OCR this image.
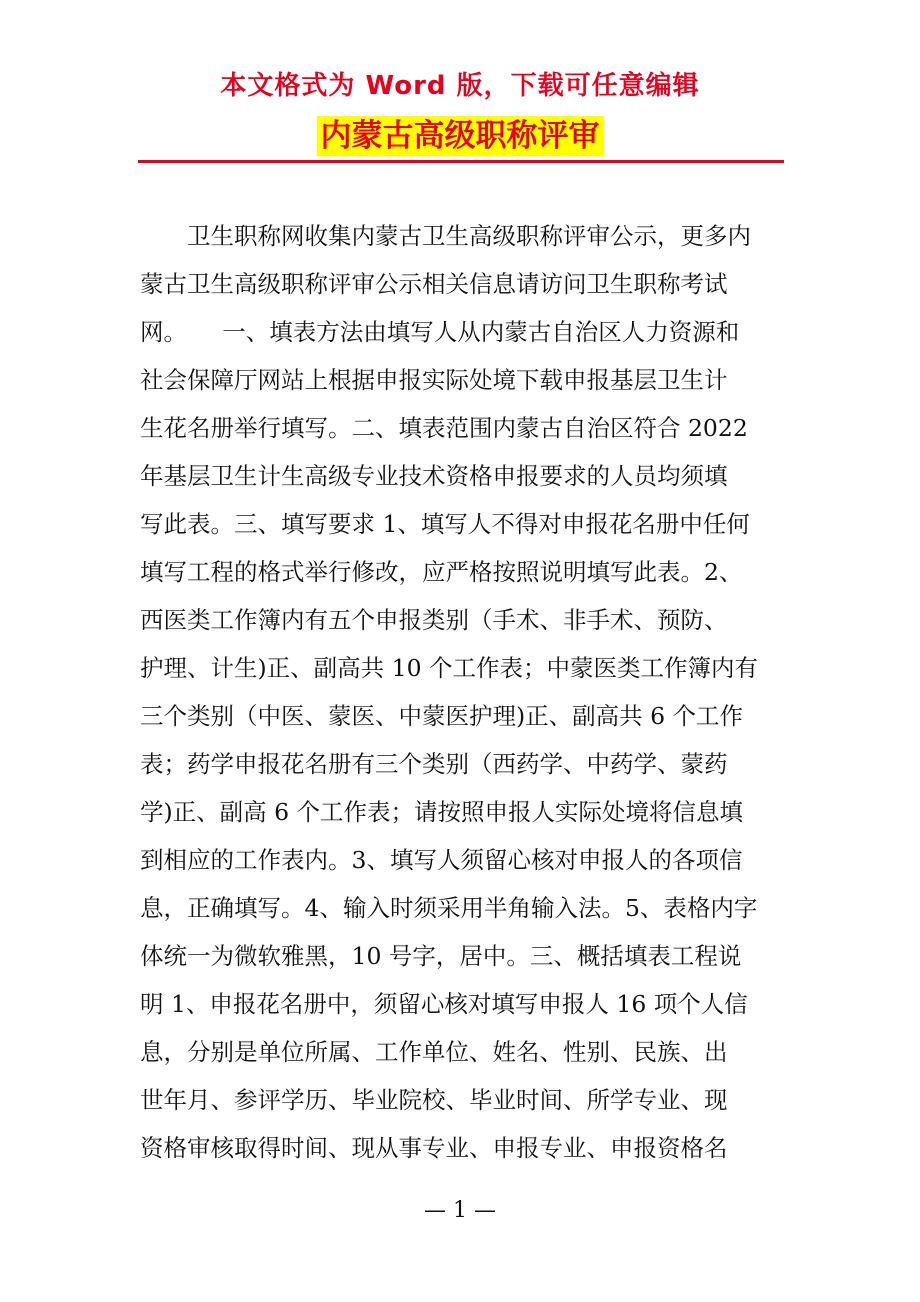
本文格式为 Word 版，下载可任意编辑

内蒙古高级职称评审
　　卫生职称网收集内蒙古卫生高级职称评审公示，更多内
蒙古卫生高级职称评审公示相关信息请访问卫生职称考试
网。　　一、填表方法由填写人从内蒙古自治区人力资源和
社会保障厅网站上根据申报实际处境下载申报基层卫生计
生花名册举行填写。二、填表范围内蒙古自治区符合 2022
年基层卫生计生高级专业技术资格申报要求的人员均须填
写此表。三、填写要求 1、填写人不得对申报花名册中任何
填写工程的格式举行修改，应严格按照说明填写此表。2、
西医类工作簿内有五个申报类别（手术、非手术、预防、
护理、计生)正、副高共 10 个工作表；中蒙医类工作簿内有
三个类别（中医、蒙医、中蒙医护理)正、副高共 6 个工作
表；药学申报花名册有三个类别（西药学、中药学、蒙药
学)正、副高 6 个工作表；请按照申报人实际处境将信息填
到相应的工作表内。3、填写人须留心核对申报人的各项信
息，正确填写。4、输入时须采用半角输入法。5、表格内字
体统一为微软雅黑，10 号字，居中。三、概括填表工程说
明 1、申报花名册中，须留心核对填写申报人 16 项个人信
息，分别是单位所属、工作单位、姓名、性别、民族、出
世年月、参评学历、毕业院校、毕业时间、所学专业、现
资格审核取得时间、现从事专业、申报专业、申报资格名

— 1 —
